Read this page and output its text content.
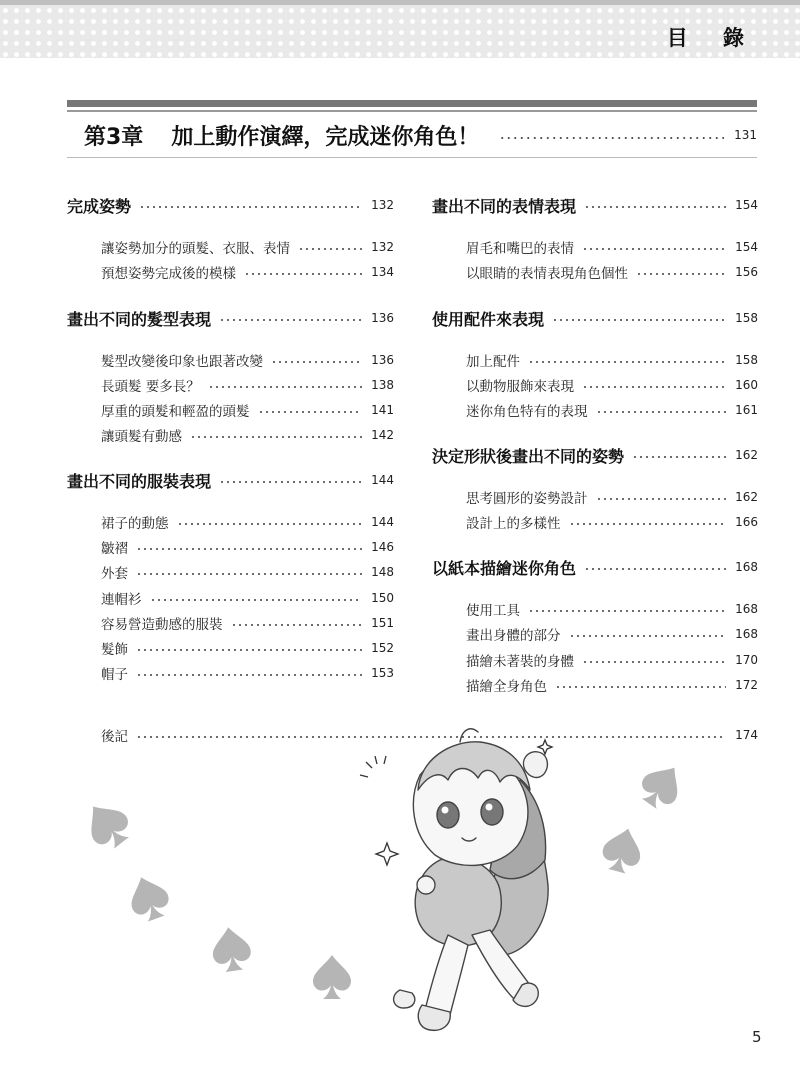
目 錄
第3章 加上動作演繹，完成迷你角色！	131
完成姿勢	132
讓姿勢加分的頭髮、衣服、表情	132
預想姿勢完成後的模樣	134
畫出不同的髮型表現	136
髮型改變後印象也跟著改變	136
長頭髮 要多長？	138
厚重的頭髮和輕盈的頭髮	141
讓頭髮有動感	142
畫出不同的服裝表現	144
裙子的動態	144
皺褶	146
外套	148
連帽衫	150
容易營造動感的服裝	151
髮飾	152
帽子	153
畫出不同的表情表現	154
眉毛和嘴巴的表情	154
以眼睛的表情表現角色個性	156
使用配件來表現	158
加上配件	158
以動物服飾來表現	160
迷你角色特有的表現	161
決定形狀後畫出不同的姿勢	162
思考圓形的姿勢設計	162
設計上的多樣性	166
以紙本描繪迷你角色	168
使用工具	168
畫出身體的部分	168
描繪未著裝的身體	170
描繪全身角色	172
後記	174
5
